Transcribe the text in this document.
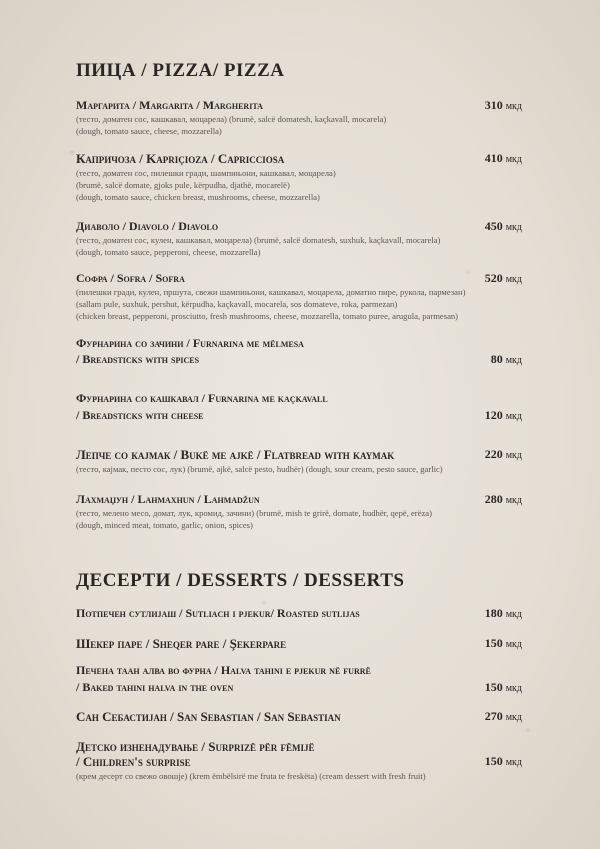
ПИЦА / PIZZA/ PIZZA
Маргарита / Margarita / Margherita	310 мкд
(тесто, доматен сос, кашкавал, моцарела) (brumë, salcë domatesh, kaçkavall, mocarela)
(dough, tomato sauce, cheese, mozzarella)
Капричоза / Kapriçioza / Capricciosa	410 мкд
(тесто, доматен сос, пилешки гради, шампињони, кашкавал, моцарела)
(brumë, salcë domate, gjoks pule, kërpudha, djathë, mocarelë)
(dough, tomato sauce, chicken breast, mushrooms, cheese, mozzarella)
Диаволо / Diavolo / Diavolo	450 мкд
(тесто, доматен сос, кулен, кашкавал, моцарела) (brumë, salcë domatesh, suxhuk, kaçkavall, mocarela)
(dough, tomato sauce, pepperoni, cheese, mozzarella)
Софра / Sofra / Sofra	520 мкд
(пилешки гради, кулен, пршута, свежи шампињони, кашкавал, моцарела, доматно пире, рукола, пармезан)
(sallam pule, suxhuk, pershut, kërpudha, kaçkavall, mocarela, sos domateve, roka, parmezan)
(chicken breast, pepperoni, prosciutto, fresh mushrooms, cheese, mozzarella, tomato puree, arugula, parmesan)
Фурнарина со зачини / Furnarina me mëlmesa
/ Breadsticks with spices	80 мкд
Фурнарина со кашкавал / Furnarina me kaçkavall
/ Breadsticks with cheese	120 мкд
Лепче со кајмак / Bukë me ajkë / Flatbread with kaymak	220 мкд
(тесто, кајмак, песто сос, лук) (brumë, ajkë, salcë pesto, hudhër) (dough, sour cream, pesto sauce, garlic)
Лахмаџун / Lahmaxhun / Lahmadžun	280 мкд
(тесто, мелено месо, домат, лук, кромид, зачини) (brumë, mish te grirë, domate, hudhër, qepë, erëza)
(dough, minced meat, tomato, garlic, onion, spices)
ДЕСЕРТИ / DESSERTS / DESSERTS
Потпечен сутлијаш / Sutliach i pjekur/ Roasted sutlijas	180 мкд
Шекер паре / Sheqer pare / Şekerpare	150 мкд
Печена таан алва во фурна / Halva tahini e pjekur në furrë
/ Baked tahini halva in the oven	150 мкд
Сан Себастијан / San Sebastian / San Sebastian	270 мкд
Детско изненадување / Surprizë për fëmijë
/ Children's surprise	150 мкд
(крем десерт со свежо овошје) (krem ëmbëlsirë me fruta te freskëta) (cream dessert with fresh fruit)
